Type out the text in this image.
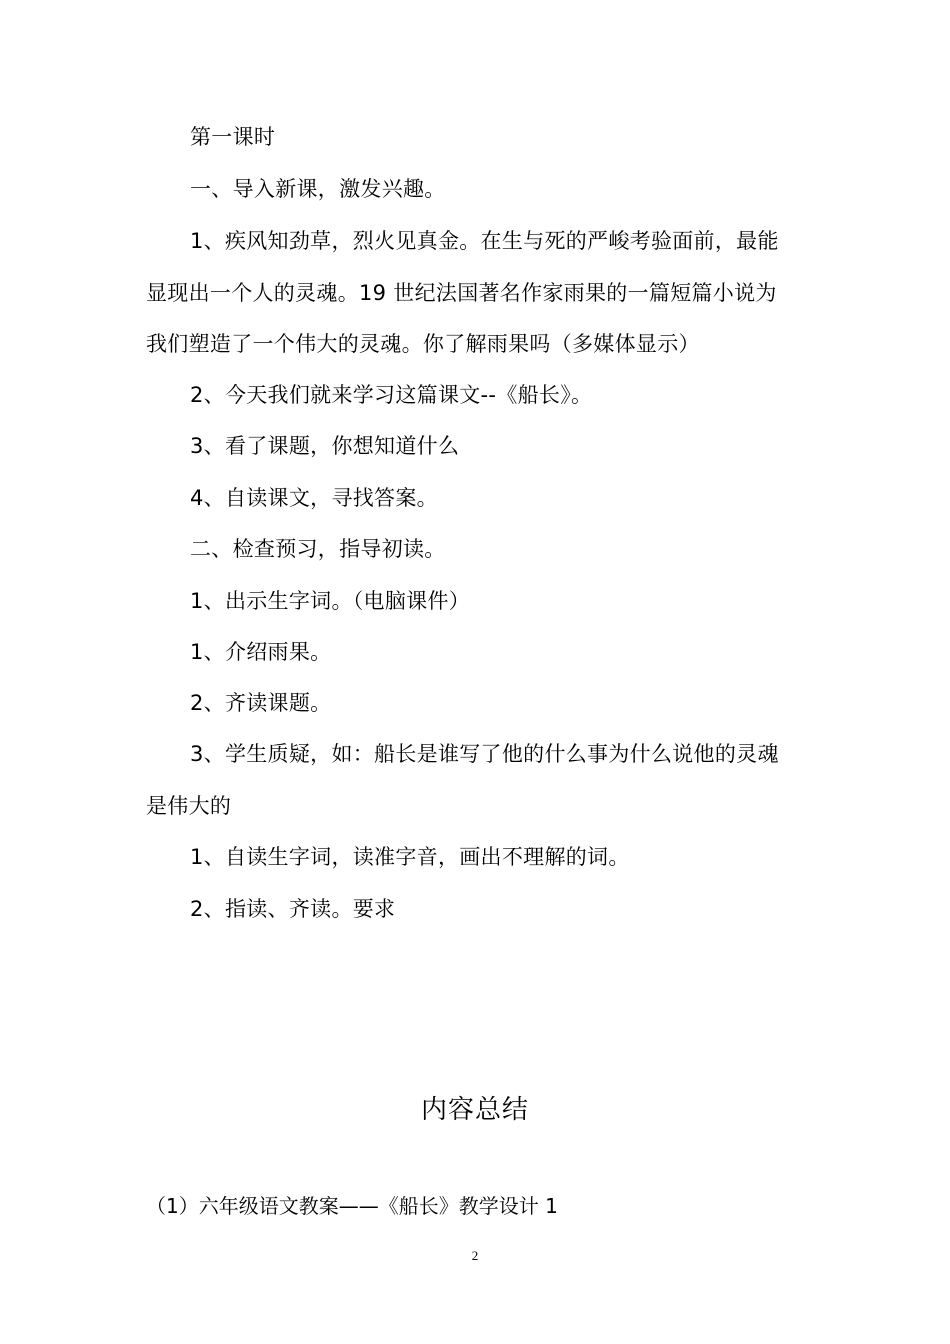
第一课时
一、导入新课，激发兴趣。
1、疾风知劲草，烈火见真金。在生与死的严峻考验面前，最能
显现出一个人的灵魂。19 世纪法国著名作家雨果的一篇短篇小说为
我们塑造了一个伟大的灵魂。你了解雨果吗（多媒体显示）
2、今天我们就来学习这篇课文--《船长》。
3、看了课题，你想知道什么
4、自读课文，寻找答案。
二、检查预习，指导初读。
1、出示生字词。（电脑课件）
1、介绍雨果。
2、齐读课题。
3、学生质疑，如：船长是谁写了他的什么事为什么说他的灵魂
是伟大的
1、自读生字词，读准字音，画出不理解的词。
2、指读、齐读。要求
内容总结
（1）六年级语文教案——《船长》教学设计 1
2
